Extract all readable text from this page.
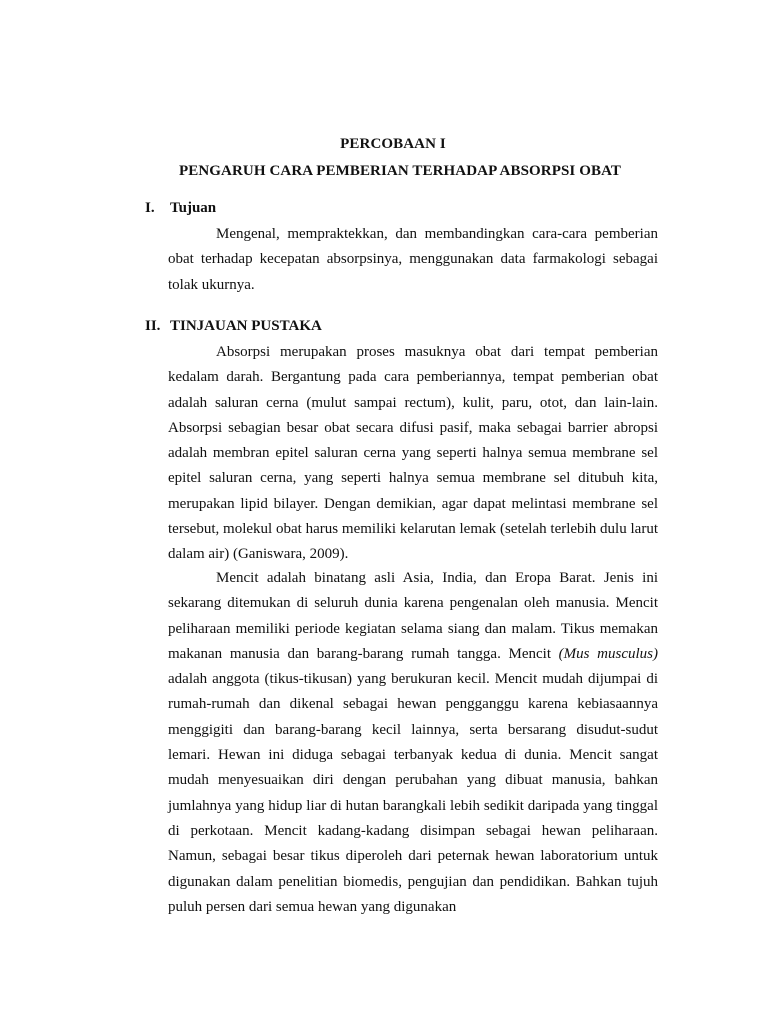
PERCOBAAN I
PENGARUH CARA PEMBERIAN TERHADAP ABSORPSI OBAT
I. Tujuan

Mengenal, mempraktekkan, dan membandingkan cara-cara pemberian obat terhadap kecepatan absorpsinya, menggunakan data farmakologi sebagai tolak ukurnya.

II. TINJAUAN PUSTAKA

Absorpsi merupakan proses masuknya obat dari tempat pemberian kedalam darah. Bergantung pada cara pemberiannya, tempat pemberian obat adalah saluran cerna (mulut sampai rectum), kulit, paru, otot, dan lain-lain. Absorpsi sebagian besar obat secara difusi pasif, maka sebagai barrier abropsi adalah membran epitel saluran cerna yang seperti halnya semua membrane sel epitel saluran cerna, yang seperti halnya semua membrane sel ditubuh kita, merupakan lipid bilayer. Dengan demikian, agar dapat melintasi membrane sel tersebut, molekul obat harus memiliki kelarutan lemak (setelah terlebih dulu larut dalam air) (Ganiswara, 2009).

Mencit adalah binatang asli Asia, India, dan Eropa Barat. Jenis ini sekarang ditemukan di seluruh dunia karena pengenalan oleh manusia. Mencit peliharaan memiliki periode kegiatan selama siang dan malam. Tikus memakan makanan manusia dan barang-barang rumah tangga. Mencit (Mus musculus) adalah anggota (tikus-tikusan) yang berukuran kecil. Mencit mudah dijumpai di rumah-rumah dan dikenal sebagai hewan pengganggu karena kebiasaannya menggigiti dan barang-barang kecil lainnya, serta bersarang disudut-sudut lemari. Hewan ini diduga sebagai terbanyak kedua di dunia. Mencit sangat mudah menyesuaikan diri dengan perubahan yang dibuat manusia, bahkan jumlahnya yang hidup liar di hutan barangkali lebih sedikit daripada yang tinggal di perkotaan. Mencit kadang-kadang disimpan sebagai hewan peliharaan. Namun, sebagai besar tikus diperoleh dari peternak hewan laboratorium untuk digunakan dalam penelitian biomedis, pengujian dan pendidikan. Bahkan tujuh puluh persen dari semua hewan yang digunakan
